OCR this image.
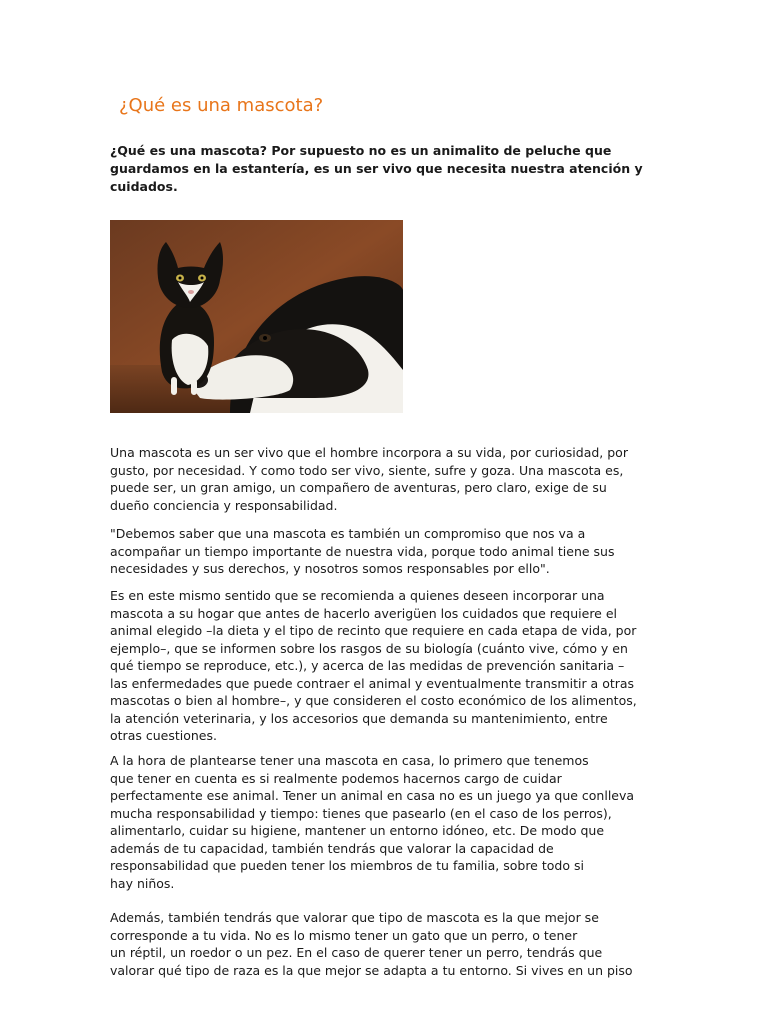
¿Qué es una mascota?

¿Qué es una mascota? Por supuesto no es un animalito de peluche que guardamos en la estantería, es un ser vivo que necesita nuestra atención y cuidados.

Una mascota es un ser vivo que el hombre incorpora a su vida, por curiosidad, por
gusto, por necesidad. Y como todo ser vivo, siente, sufre y goza. Una mascota es,
puede ser, un gran amigo, un compañero de aventuras, pero claro, exige de su
dueño conciencia y responsabilidad.

"Debemos saber que una mascota es también un compromiso que nos va a
acompañar un tiempo importante de nuestra vida, porque todo animal tiene sus
necesidades y sus derechos, y nosotros somos responsables por ello".

Es en este mismo sentido que se recomienda a quienes deseen incorporar una
mascota a su hogar que antes de hacerlo averigüen los cuidados que requiere el
animal elegido –la dieta y el tipo de recinto que requiere en cada etapa de vida, por
ejemplo–, que se informen sobre los rasgos de su biología (cuánto vive, cómo y en
qué tiempo se reproduce, etc.), y acerca de las medidas de prevención sanitaria –
las enfermedades que puede contraer el animal y eventualmente transmitir a otras
mascotas o bien al hombre–, y que consideren el costo económico de los alimentos,
la atención veterinaria, y los accesorios que demanda su mantenimiento, entre
otras cuestiones.

A la hora de plantearse tener una mascota en casa, lo primero que tenemos
que tener en cuenta es si realmente podemos hacernos cargo de cuidar
perfectamente ese animal. Tener un animal en casa no es un juego ya que conlleva
mucha responsabilidad y tiempo: tienes que pasearlo (en el caso de los perros),
alimentarlo, cuidar su higiene, mantener un entorno idóneo, etc. De modo que
además de tu capacidad, también tendrás que valorar la capacidad de
responsabilidad que pueden tener los miembros de tu familia, sobre todo si
hay niños.

Además, también tendrás que valorar que tipo de mascota es la que mejor se
corresponde a tu vida. No es lo mismo tener un gato que un perro, o tener
un réptil, un roedor o un pez. En el caso de querer tener un perro, tendrás que
valorar qué tipo de raza es la que mejor se adapta a tu entorno. Si vives en un piso
